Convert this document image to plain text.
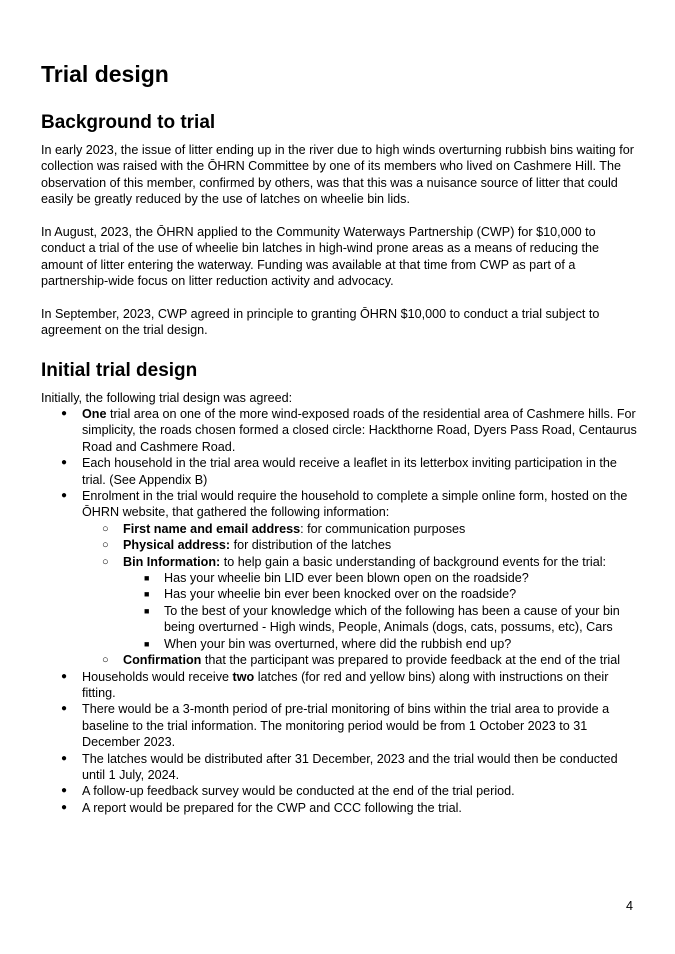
Trial design
Background to trial

In early 2023, the issue of litter ending up in the river due to high winds overturning rubbish bins waiting for collection was raised with the ŌHRN Committee by one of its members who lived on Cashmere Hill. The observation of this member, confirmed by others, was that this was a nuisance source of litter that could easily be greatly reduced by the use of latches on wheelie bin lids.

In August, 2023, the ŌHRN applied to the Community Waterways Partnership (CWP) for $10,000 to conduct a trial of the use of wheelie bin latches in high-wind prone areas as a means of reducing the amount of litter entering the waterway. Funding was available at that time from CWP as part of a partnership-wide focus on litter reduction activity and advocacy.

In September, 2023, CWP agreed in principle to granting ŌHRN $10,000 to conduct a trial subject to agreement on the trial design.

Initial trial design

Initially, the following trial design was agreed:

● One trial area on one of the more wind-exposed roads of the residential area of Cashmere hills. For simplicity, the roads chosen formed a closed circle: Hackthorne Road, Dyers Pass Road, Centaurus Road and Cashmere Road.
● Each household in the trial area would receive a leaflet in its letterbox inviting participation in the trial. (See Appendix B)
● Enrolment in the trial would require the household to complete a simple online form, hosted on the ŌHRN website, that gathered the following information:
○ First name and email address: for communication purposes
○ Physical address: for distribution of the latches
○ Bin Information: to help gain a basic understanding of background events for the trial:
■ Has your wheelie bin LID ever been blown open on the roadside?
■ Has your wheelie bin ever been knocked over on the roadside?
■ To the best of your knowledge which of the following has been a cause of your bin being overturned - High winds, People, Animals (dogs, cats, possums, etc), Cars
■ When your bin was overturned, where did the rubbish end up?
○ Confirmation that the participant was prepared to provide feedback at the end of the trial
● Households would receive two latches (for red and yellow bins) along with instructions on their fitting.
● There would be a 3-month period of pre-trial monitoring of bins within the trial area to provide a baseline to the trial information. The monitoring period would be from 1 October 2023 to 31 December 2023.
● The latches would be distributed after 31 December, 2023 and the trial would then be conducted until 1 July, 2024.
● A follow-up feedback survey would be conducted at the end of the trial period.
● A report would be prepared for the CWP and CCC following the trial.
4
